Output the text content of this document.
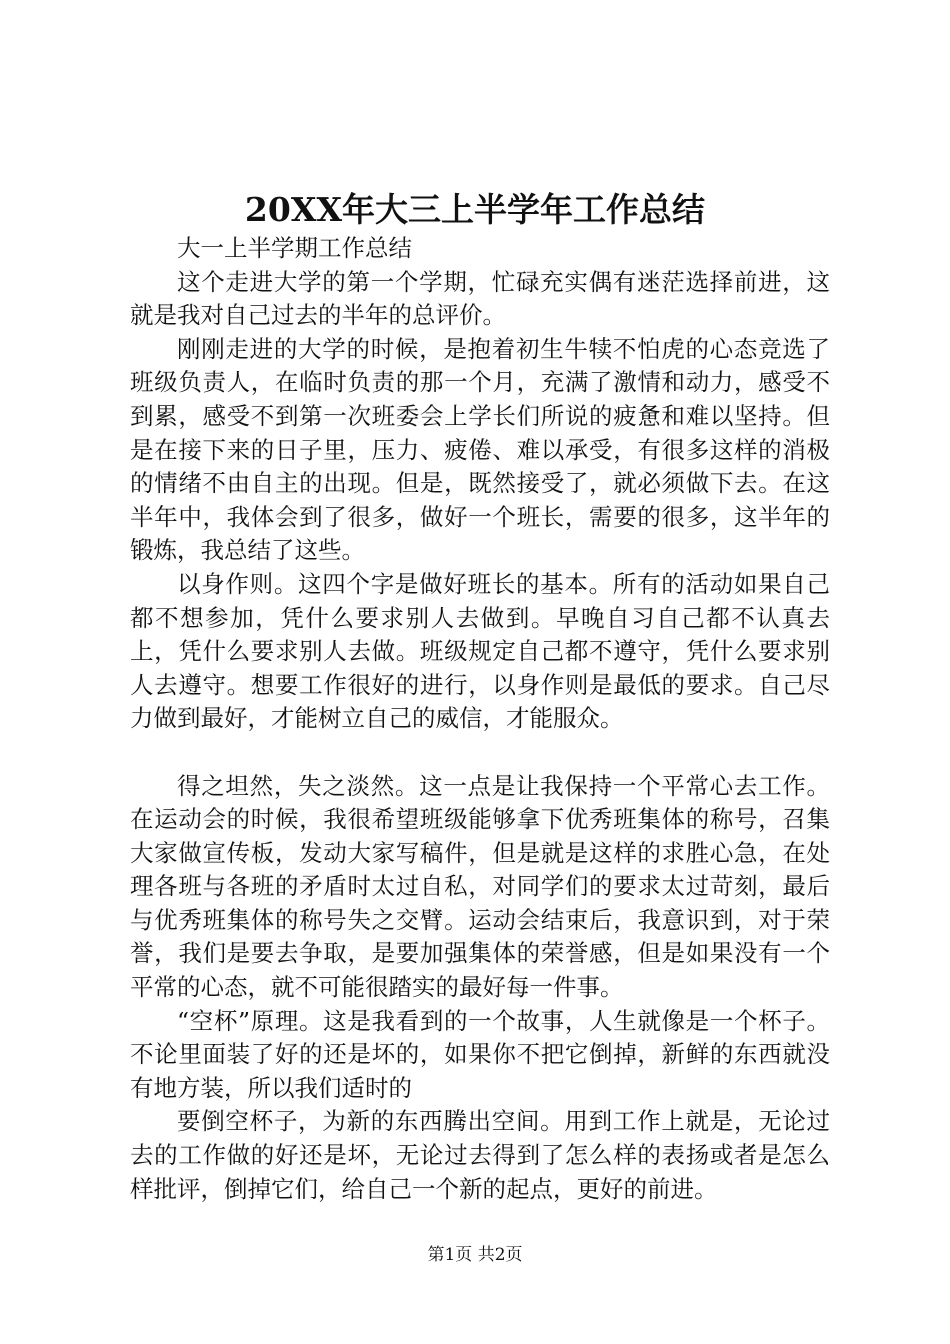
20XX年大三上半学年工作总结

大一上半学期工作总结

这个走进大学的第一个学期，忙碌充实偶有迷茫选择前进，这就是我对自己过去的半年的总评价。

刚刚走进的大学的时候，是抱着初生牛犊不怕虎的心态竞选了班级负责人，在临时负责的那一个月，充满了激情和动力，感受不到累，感受不到第一次班委会上学长们所说的疲惫和难以坚持。但是在接下来的日子里，压力、疲倦、难以承受，有很多这样的消极的情绪不由自主的出现。但是，既然接受了，就必须做下去。在这半年中，我体会到了很多，做好一个班长，需要的很多，这半年的锻炼，我总结了这些。

以身作则。这四个字是做好班长的基本。所有的活动如果自己都不想参加，凭什么要求别人去做到。早晚自习自己都不认真去上，凭什么要求别人去做。班级规定自己都不遵守，凭什么要求别人去遵守。想要工作很好的进行，以身作则是最低的要求。自己尽力做到最好，才能树立自己的威信，才能服众。

得之坦然，失之淡然。这一点是让我保持一个平常心去工作。在运动会的时候，我很希望班级能够拿下优秀班集体的称号，召集大家做宣传板，发动大家写稿件，但是就是这样的求胜心急，在处理各班与各班的矛盾时太过自私，对同学们的要求太过苛刻，最后与优秀班集体的称号失之交臂。运动会结束后，我意识到，对于荣誉，我们是要去争取，是要加强集体的荣誉感，但是如果没有一个平常的心态，就不可能很踏实的最好每一件事。

“空杯”原理。这是我看到的一个故事，人生就像是一个杯子。不论里面装了好的还是坏的，如果你不把它倒掉，新鲜的东西就没有地方装，所以我们适时的

要倒空杯子，为新的东西腾出空间。用到工作上就是，无论过去的工作做的好还是坏，无论过去得到了怎么样的表扬或者是怎么样批评，倒掉它们，给自己一个新的起点，更好的前进。

第1页 共2页
